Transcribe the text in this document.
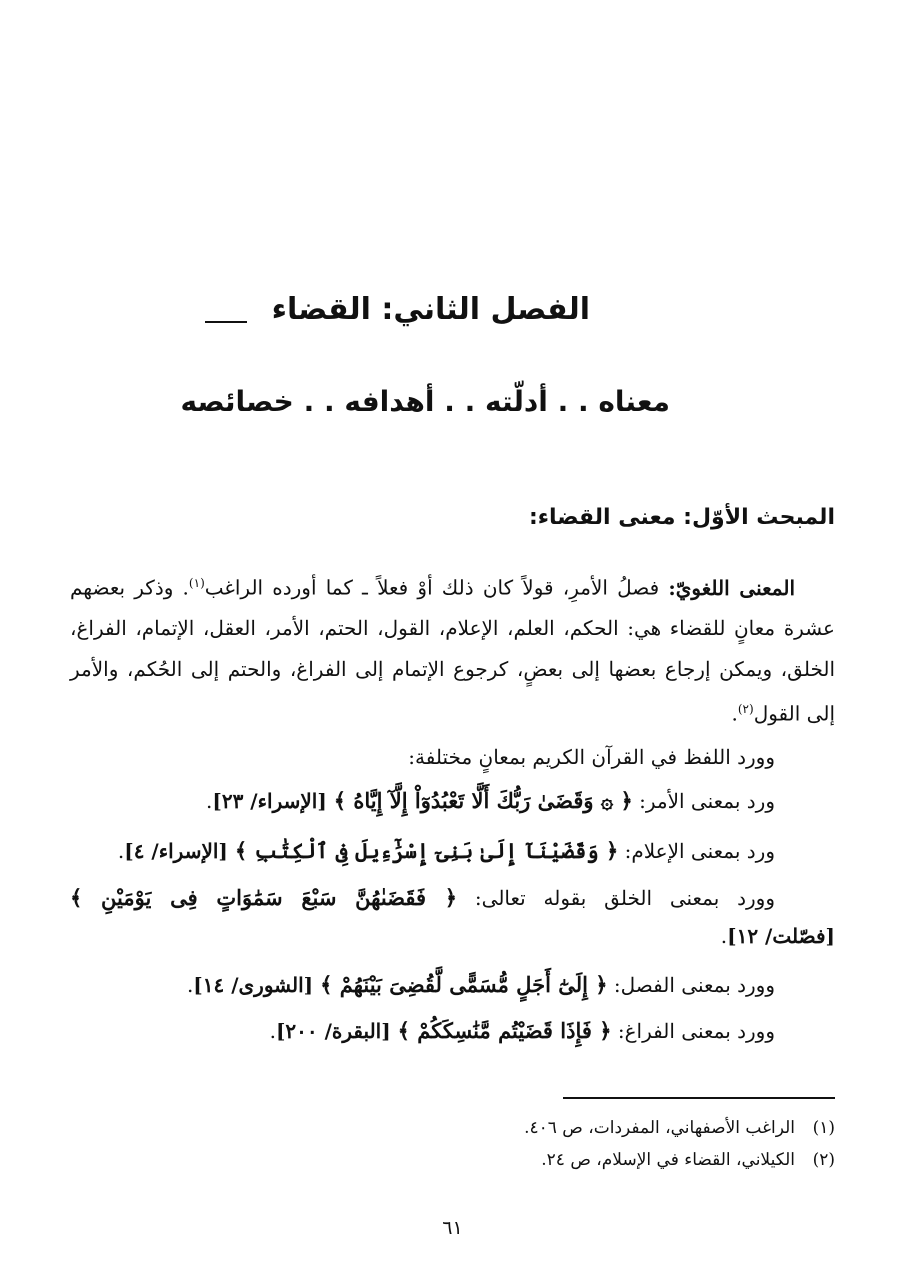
الفصل الثاني: القضاء
معناه . . أدلّته . . أهدافه . . خصائصه
المبحث الأوّل: معنى القضاء:

المعنى اللغويّ: فصلُ الأمرِ، قولاً كان ذلك أوْ فعلاً ـ كما أورده الراغب$^{(١)}$. وذكر بعضهم عشرة معانٍ للقضاء هي: الحكم، العلم، الإعلام، القول، الحتم، الأمر، العقل، الإتمام، الفراغ، الخلق، ويمكن إرجاع بعضها إلى بعضٍ، كرجوع الإتمام إلى الفراغ، والحتم إلى الحُكم، والأمر إلى القول$^{(٢)}$.

وورد اللفظ في القرآن الكريم بمعانٍ مختلفة:

ورد بمعنى الأمر: ﴿ ۞ وَقَضَىٰ رَبُّكَ أَلَّا تَعْبُدُوٓاْ إِلَّآ إِيَّاهُ ﴾ [الإسراء/ ٢٣].

ورد بمعنى الإعلام: ﴿ وَقَضَيْنَآ إِلَىٰ بَنِىٓ إِسْرَٰٓءِيلَ فِى ٱلْكِتَٰبِ ﴾ [الإسراء/ ٤].

وورد بمعنى الخلق بقوله تعالى: ﴿ فَقَضَىٰهُنَّ سَبْعَ سَمَٰوَاتٍ فِى يَوْمَيْنِ ﴾

[فصّلت/ ١٢].

وورد بمعنى الفصل: ﴿ إِلَىٰٓ أَجَلٍ مُّسَمًّى لَّقُضِىَ بَيْنَهُمْ ﴾ [الشورى/ ١٤].

وورد بمعنى الفراغ: ﴿ فَإِذَا قَضَيْتُم مَّنَٰسِكَكُمْ ﴾ [البقرة/ ٢٠٠].

(١)الراغب الأصفهاني، المفردات، ص ٤٠٦.

(٢)الكيلاني، القضاء في الإسلام، ص ٢٤.

٦١
